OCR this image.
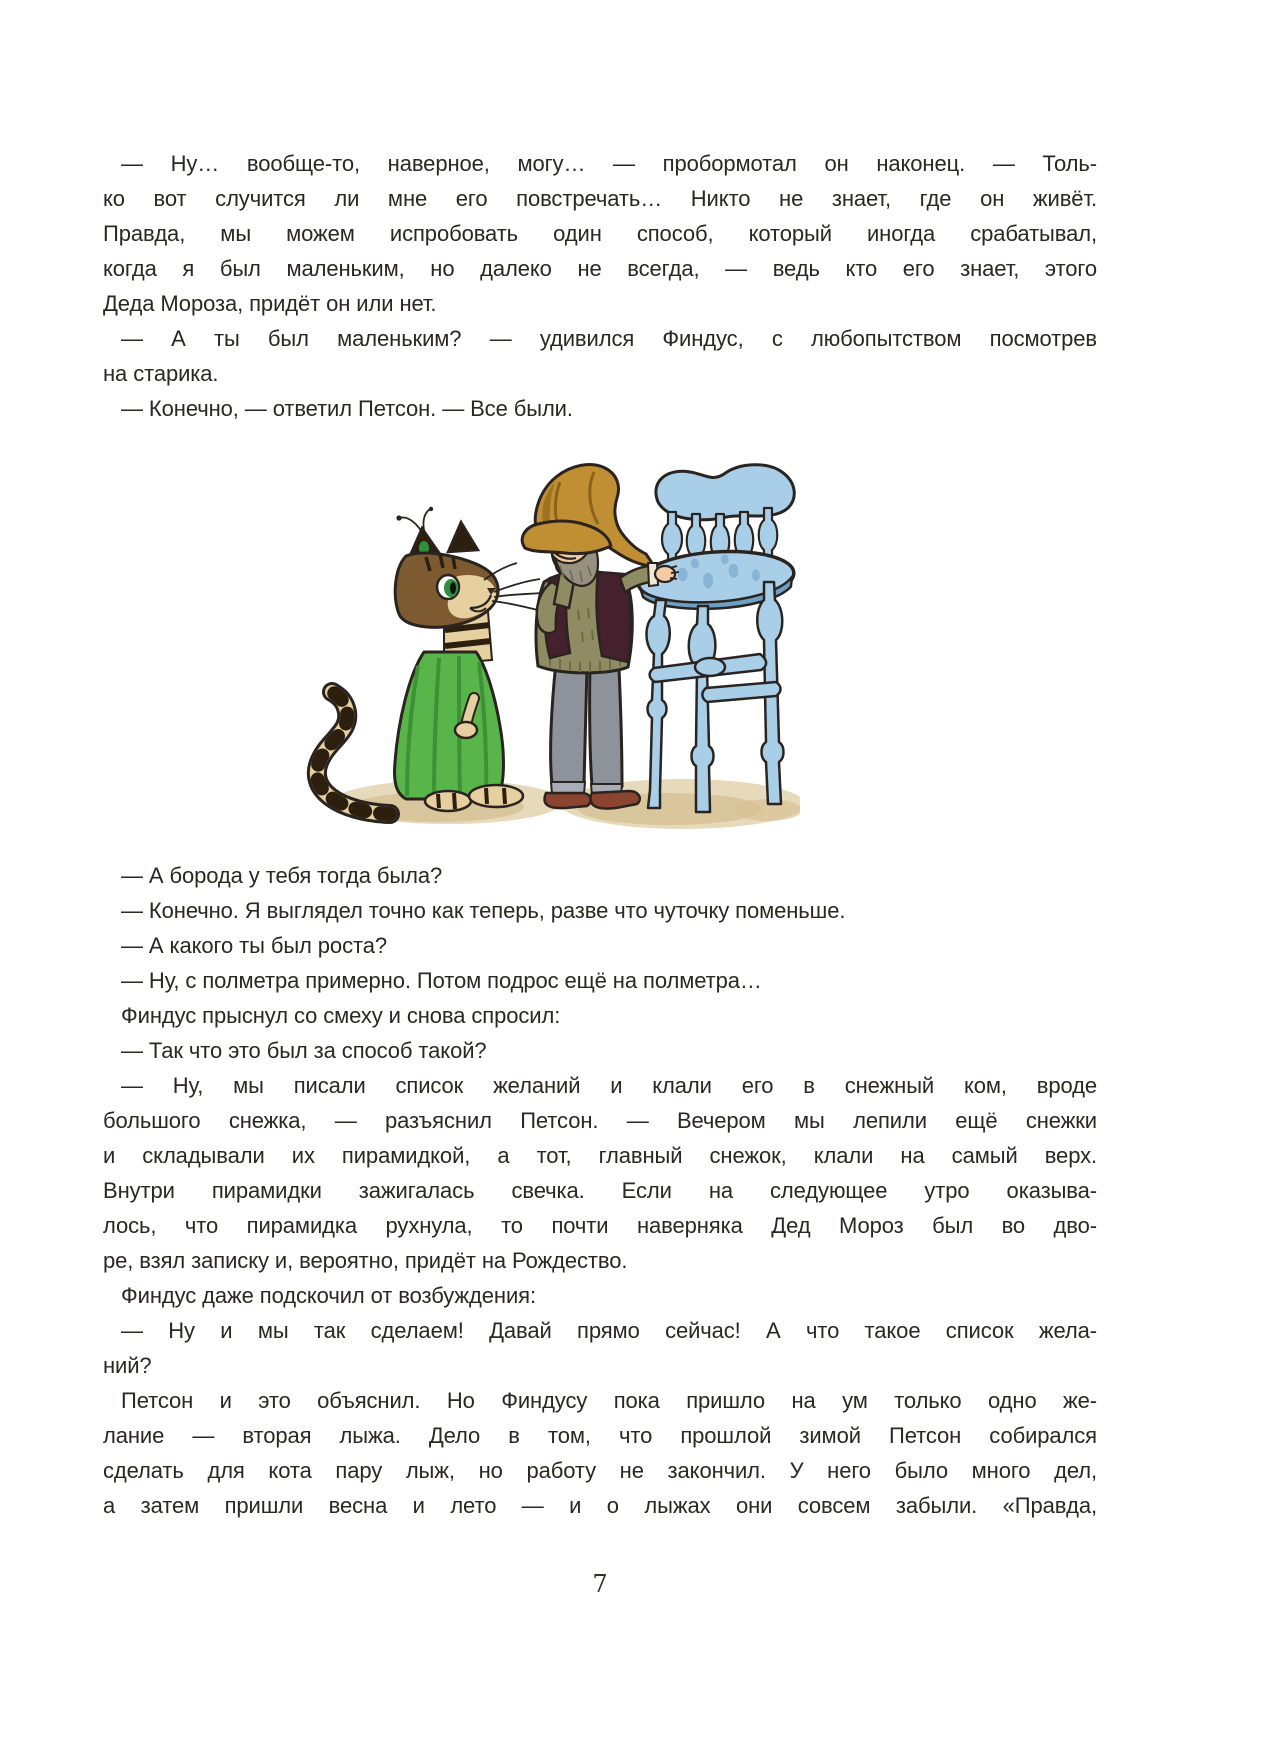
— Ну… вообще-то, наверное, могу… — пробормотал он наконец. — Толь-
ко вот случится ли мне его повстречать… Никто не знает, где он живёт.
Правда, мы можем испробовать один способ, который иногда срабатывал,
когда я был маленьким, но далеко не всегда, — ведь кто его знает, этого
Деда Мороза, придёт он или нет.
— А ты был маленьким? — удивился Финдус, с любопытством посмотрев
на старика.
— Конечно, — ответил Петсон. — Все были.
— А борода у тебя тогда была?
— Конечно. Я выглядел точно как теперь, разве что чуточку поменьше.
— А какого ты был роста?
— Ну, с полметра примерно. Потом подрос ещё на полметра…
Финдус прыснул со смеху и снова спросил:
— Так что это был за способ такой?
— Ну, мы писали список желаний и клали его в снежный ком, вроде
большого снежка, — разъяснил Петсон. — Вечером мы лепили ещё снежки
и складывали их пирамидкой, а тот, главный снежок, клали на самый верх.
Внутри пирамидки зажигалась свечка. Если на следующее утро оказыва-
лось, что пирамидка рухнула, то почти наверняка Дед Мороз был во дво-
ре, взял записку и, вероятно, придёт на Рождество.
Финдус даже подскочил от возбуждения:
— Ну и мы так сделаем! Давай прямо сейчас! А что такое список жела-
ний?
Петсон и это объяснил. Но Финдусу пока пришло на ум только одно же-
лание — вторая лыжа. Дело в том, что прошлой зимой Петсон собирался
сделать для кота пару лыж, но работу не закончил. У него было много дел,
а затем пришли весна и лето — и о лыжах они совсем забыли. «Правда,
7
